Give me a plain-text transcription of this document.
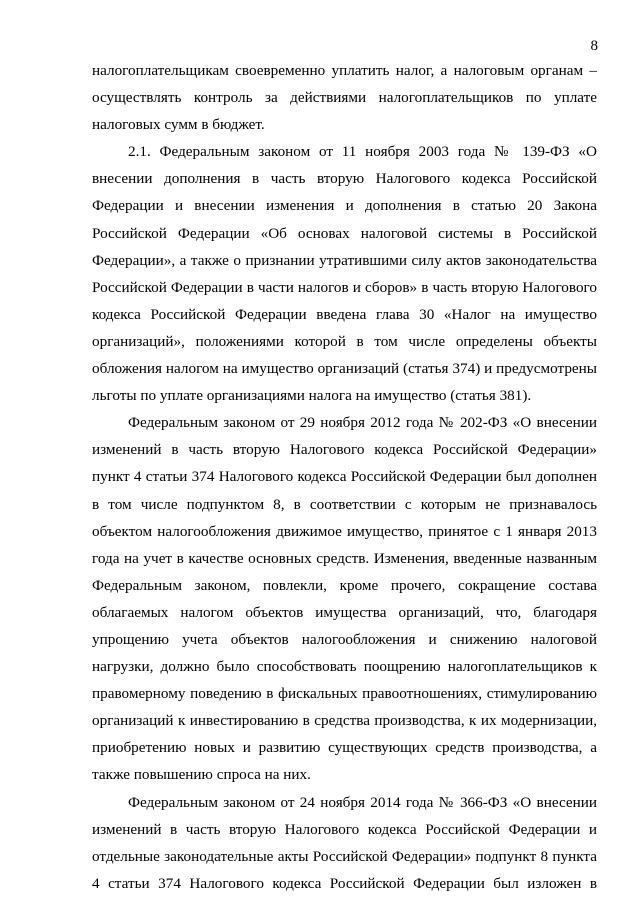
8
налогоплательщикам своевременно уплатить налог, а налоговым органам –
осуществлять контроль за действиями налогоплательщиков по уплате
налоговых сумм в бюджет.
2.1. Федеральным законом от 11 ноября 2003 года № 139-ФЗ «О
внесении дополнения в часть вторую Налогового кодекса Российской
Федерации и внесении изменения и дополнения в статью 20 Закона
Российской Федерации «Об основах налоговой системы в Российской
Федерации», а также о признании утратившими силу актов законодательства
Российской Федерации в части налогов и сборов» в часть вторую Налогового
кодекса Российской Федерации введена глава 30 «Налог на имущество
организаций», положениями которой в том числе определены объекты
обложения налогом на имущество организаций (статья 374) и предусмотрены
льготы по уплате организациями налога на имущество (статья 381).
Федеральным законом от 29 ноября 2012 года № 202-ФЗ «О внесении
изменений в часть вторую Налогового кодекса Российской Федерации»
пункт 4 статьи 374 Налогового кодекса Российской Федерации был дополнен
в том числе подпунктом 8, в соответствии с которым не признавалось
объектом налогообложения движимое имущество, принятое с 1 января 2013
года на учет в качестве основных средств. Изменения, введенные названным
Федеральным законом, повлекли, кроме прочего, сокращение состава
облагаемых налогом объектов имущества организаций, что, благодаря
упрощению учета объектов налогообложения и снижению налоговой
нагрузки, должно было способствовать поощрению налогоплательщиков к
правомерному поведению в фискальных правоотношениях, стимулированию
организаций к инвестированию в средства производства, к их модернизации,
приобретению новых и развитию существующих средств производства, а
также повышению спроса на них.
Федеральным законом от 24 ноября 2014 года № 366-ФЗ «О внесении
изменений в часть вторую Налогового кодекса Российской Федерации и
отдельные законодательные акты Российской Федерации» подпункт 8 пункта
4 статьи 374 Налогового кодекса Российской Федерации был изложен в
